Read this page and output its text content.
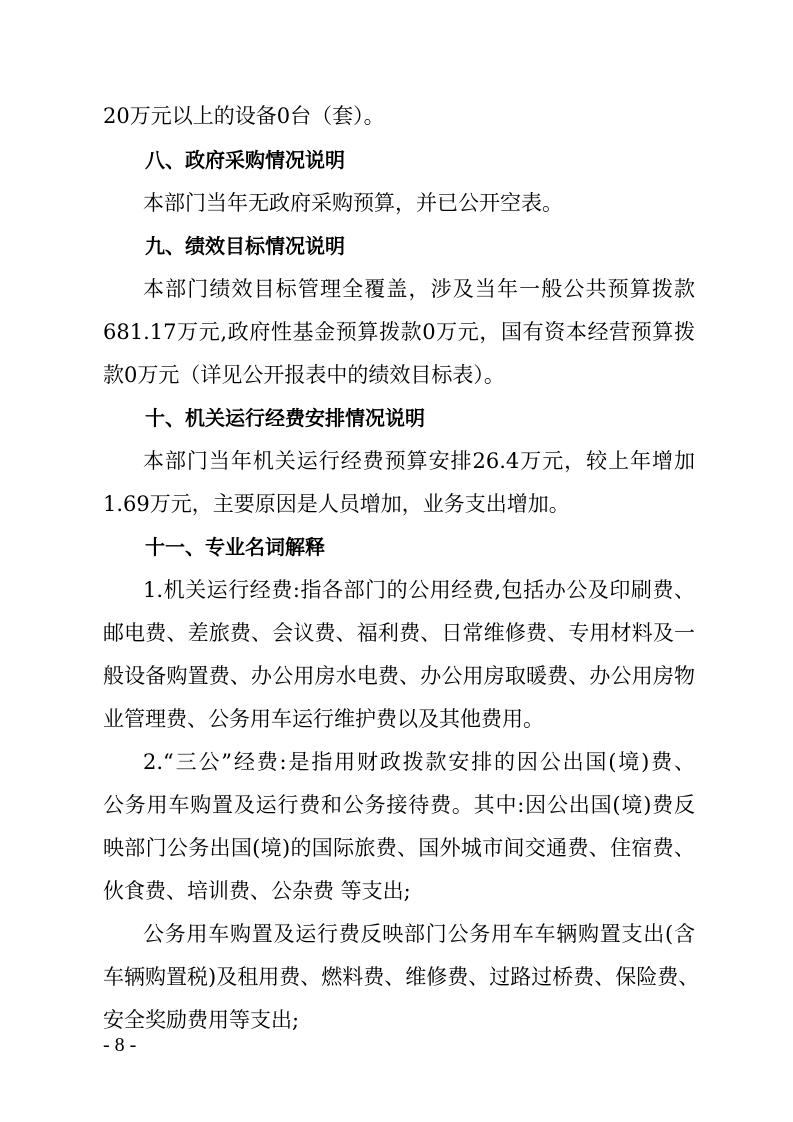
20万元以上的设备0台（套）。
八、政府采购情况说明
本部门当年无政府采购预算，并已公开空表。
九、绩效目标情况说明
本部门绩效目标管理全覆盖，涉及当年一般公共预算拨款
681.17万元,政府性基金预算拨款0万元，国有资本经营预算拨
款0万元（详见公开报表中的绩效目标表）。
十、机关运行经费安排情况说明
本部门当年机关运行经费预算安排26.4万元，较上年增加
1.69万元，主要原因是人员增加，业务支出增加。
十一、专业名词解释
1.机关运行经费:指各部门的公用经费,包括办公及印刷费、
邮电费、差旅费、会议费、福利费、日常维修费、专用材料及一
般设备购置费、办公用房水电费、办公用房取暖费、办公用房物
业管理费、公务用车运行维护费以及其他费用。
2.“三公”经费:是指用财政拨款安排的因公出国(境)费、
公务用车购置及运行费和公务接待费。其中:因公出国(境)费反
映部门公务出国(境)的国际旅费、国外城市间交通费、住宿费、
伙食费、培训费、公杂费 等支出;
公务用车购置及运行费反映部门公务用车车辆购置支出(含
车辆购置税)及租用费、燃料费、维修费、过路过桥费、保险费、
安全奖励费用等支出;
- 8 -
